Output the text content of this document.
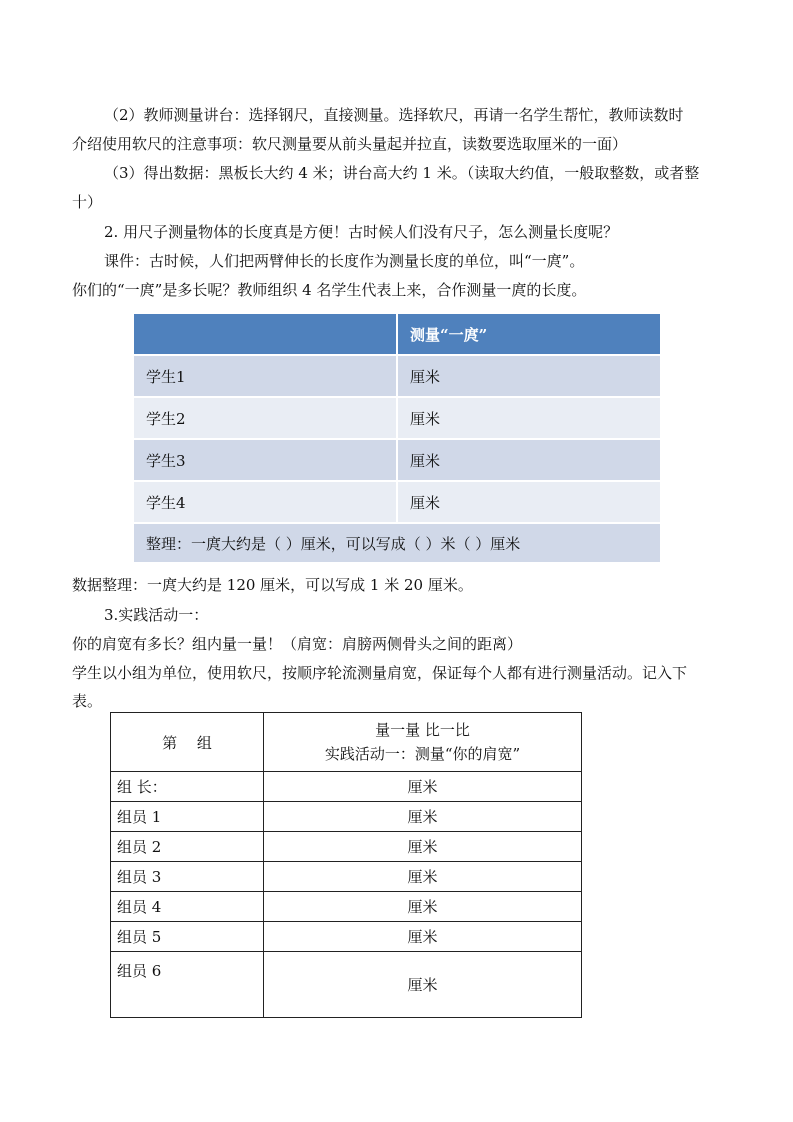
（2）教师测量讲台：选择钢尺，直接测量。选择软尺，再请一名学生帮忙，教师读数时
介绍使用软尺的注意事项：软尺测量要从前头量起并拉直，读数要选取厘米的一面）
（3）得出数据：黑板长大约 4 米；讲台高大约 1 米。（读取大约值，一般取整数，或者整
十）
2. 用尺子测量物体的长度真是方便！古时候人们没有尺子，怎么测量长度呢？
课件：古时候，人们把两臂伸长的长度作为测量长度的单位，叫“一庹”。
你们的“一庹”是多长呢？教师组织 4 名学生代表上来，合作测量一庹的长度。
	测量“一庹”
学生1	厘米
学生2	厘米
学生3	厘米
学生4	厘米
整理：一庹大约是（ ）厘米，可以写成（ ）米（ ）厘米	
数据整理：一庹大约是 120 厘米，可以写成 1 米 20 厘米。
3.实践活动一：
你的肩宽有多长？组内量一量！（肩宽：肩膀两侧骨头之间的距离）
学生以小组为单位，使用软尺，按顺序轮流测量肩宽，保证每个人都有进行测量活动。记入下
表。
第　 组	量一量 比一比
实践活动一：测量“你的肩宽”

组 长：	厘米
组员 1	厘米
组员 2	厘米
组员 3	厘米
组员 4	厘米
组员 5	厘米
组员 6	厘米
